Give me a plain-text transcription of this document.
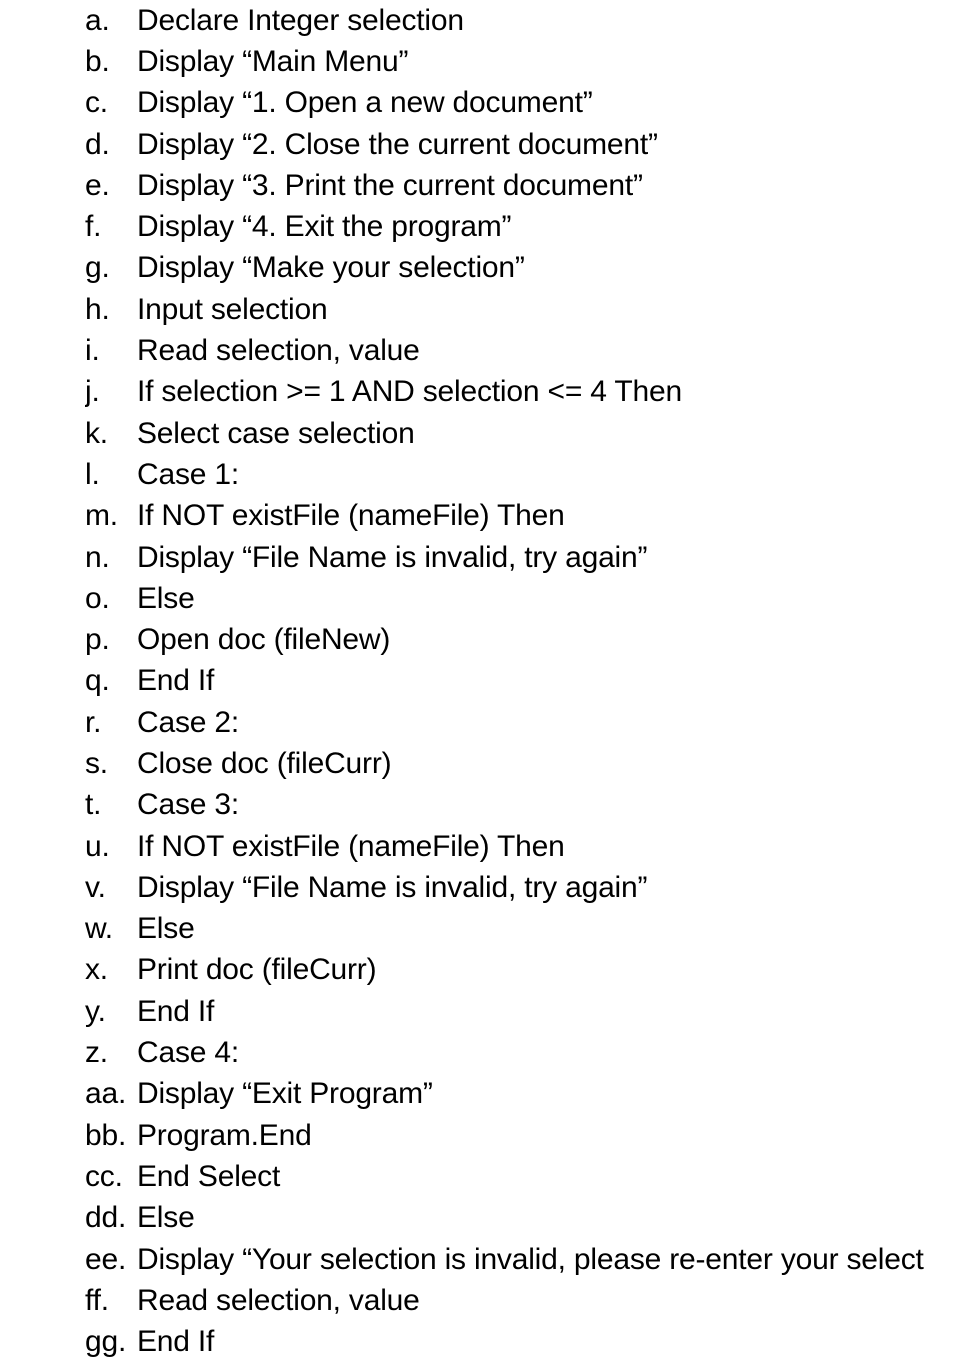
a. Declare Integer selection
b. Display “Main Menu”
c. Display “1. Open a new document”
d. Display “2. Close the current document”
e. Display “3. Print the current document”
f.	Display “4. Exit the program”
g. Display “Make your selection”
h. Input selection
i.	Read selection, value
j.	If selection >= 1 AND selection <= 4 Then
k. Select case selection
l.	Case 1:
m. If NOT existFile (nameFile) Then
n. Display “File Name is invalid, try again”
o. Else
p. Open doc (fileNew)
q. End If
r.	Case 2:
s. Close doc (fileCurr)
t.	Case 3:
u. If NOT existFile (nameFile) Then
v.	Display “File Name is invalid, try again”
w. Else
x. Print doc (fileCurr)
y.	End If
z. Case 4:
aa. Display “Exit Program”
bb. Program.End
cc. End Select
dd. Else
ee. Display “Your selection is invalid, please re-enter your select
ff. Read selection, value
gg. End If
